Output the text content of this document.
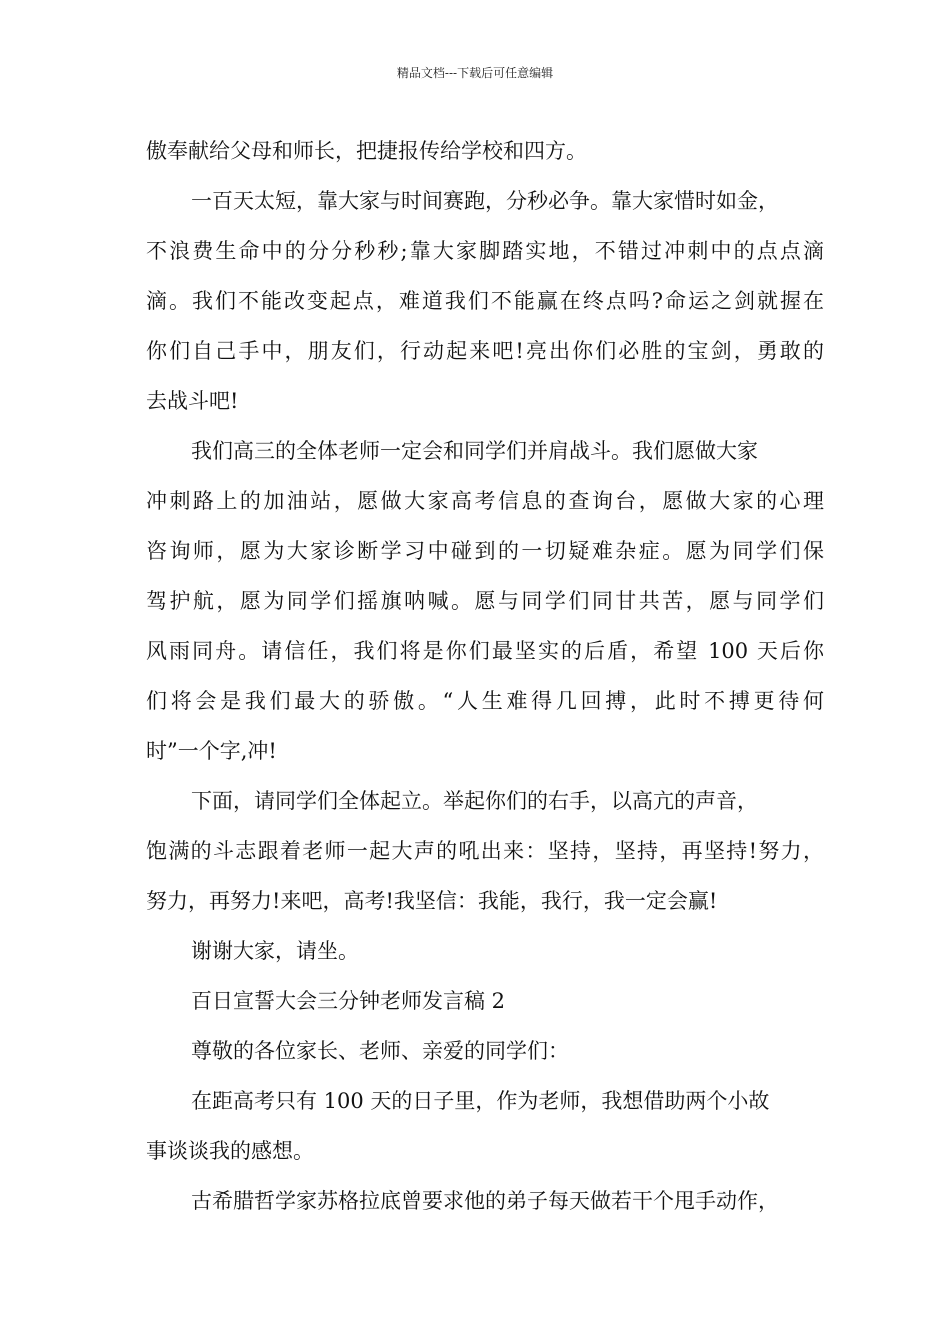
精品文档---下载后可任意编辑
傲奉献给父母和师长，把捷报传给学校和四方。
一百天太短，靠大家与时间赛跑，分秒必争。靠大家惜时如金，
不浪费生命中的分分秒秒;靠大家脚踏实地，不错过冲刺中的点点滴
滴。我们不能改变起点，难道我们不能赢在终点吗?命运之剑就握在
你们自己手中，朋友们，行动起来吧!亮出你们必胜的宝剑，勇敢的
去战斗吧!
我们高三的全体老师一定会和同学们并肩战斗。我们愿做大家
冲刺路上的加油站，愿做大家高考信息的查询台，愿做大家的心理
咨询师，愿为大家诊断学习中碰到的一切疑难杂症。愿为同学们保
驾护航，愿为同学们摇旗呐喊。愿与同学们同甘共苦，愿与同学们
风雨同舟。请信任，我们将是你们最坚实的后盾，希望 100 天后你
们将会是我们最大的骄傲。“人生难得几回搏，此时不搏更待何
时”一个字,冲!
下面，请同学们全体起立。举起你们的右手，以高亢的声音，
饱满的斗志跟着老师一起大声的吼出来：坚持，坚持，再坚持!努力，
努力，再努力!来吧，高考!我坚信：我能，我行，我一定会赢!
谢谢大家，请坐。
百日宣誓大会三分钟老师发言稿 2
尊敬的各位家长、老师、亲爱的同学们：
在距高考只有 100 天的日子里，作为老师，我想借助两个小故
事谈谈我的感想。
古希腊哲学家苏格拉底曾要求他的弟子每天做若干个甩手动作，
